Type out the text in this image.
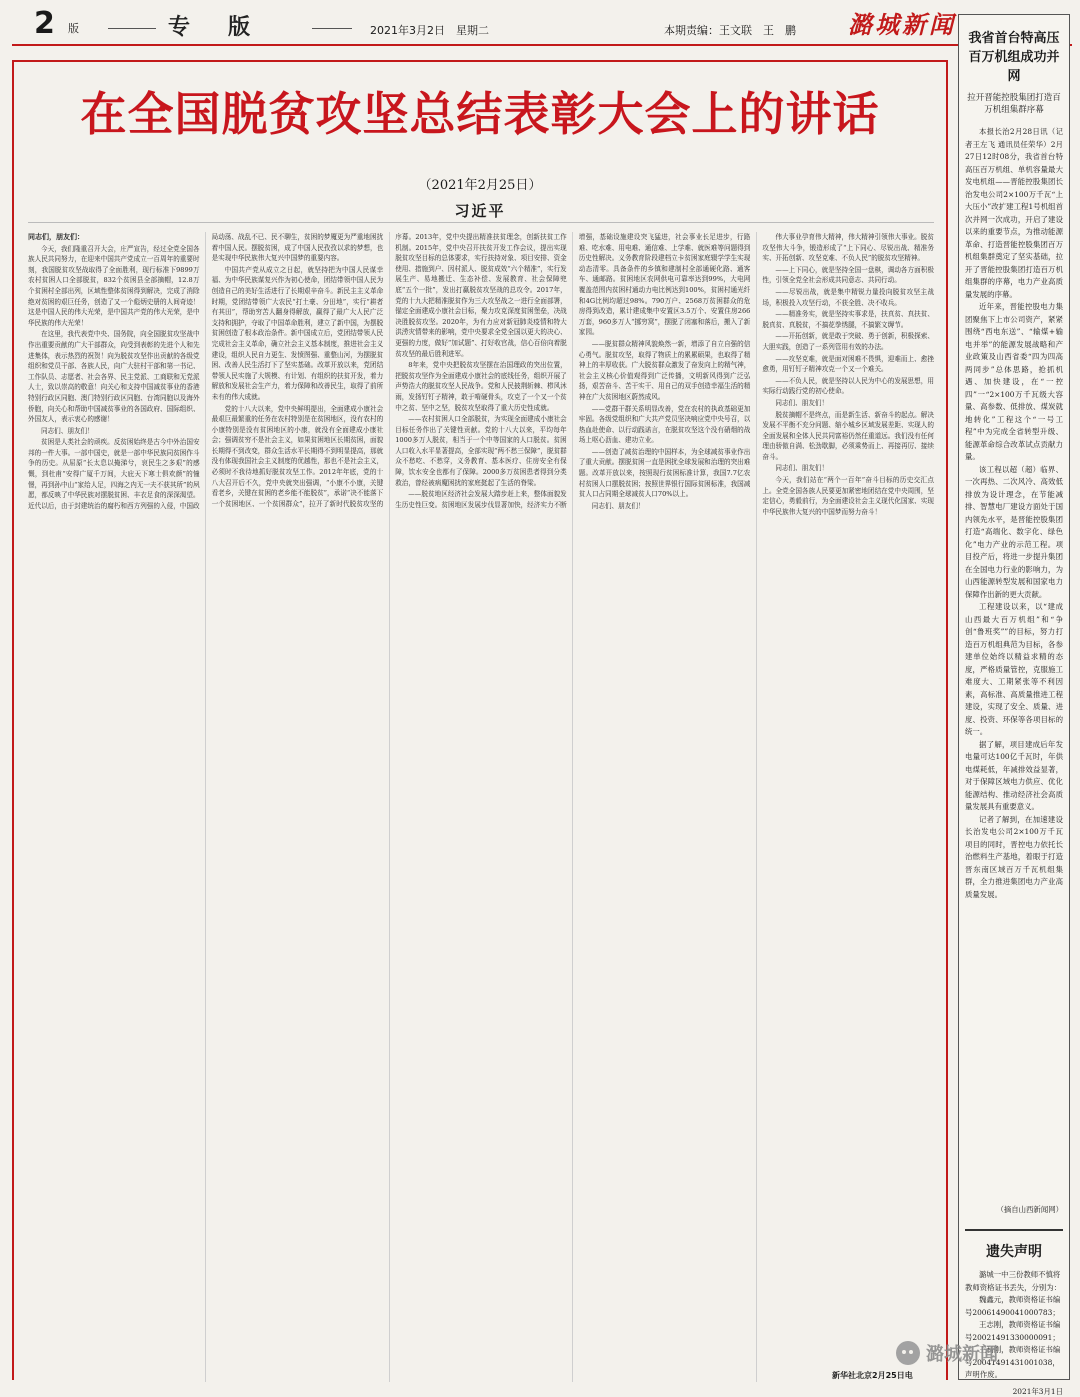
2 版	专版	2021年3月2日　星期二	本期责编：王文联　王　鹏 潞城新闻
在全国脱贫攻坚总结表彰大会上的讲话
（2021年2月25日）
习近平

同志们，朋友们：

今天，我们隆重召开大会，庄严宣告，经过全党全国各族人民共同努力，在迎来中国共产党成立一百周年的重要时刻，我国脱贫攻坚战取得了全面胜利，现行标准下9899万农村贫困人口全部脱贫，832个贫困县全部摘帽，12.8万个贫困村全部出列，区域性整体贫困得到解决，完成了消除绝对贫困的艰巨任务，创造了又一个彪炳史册的人间奇迹！这是中国人民的伟大光荣，是中国共产党的伟大光荣，是中华民族的伟大光荣！

在这里，我代表党中央、国务院，向全国脱贫攻坚战中作出重要贡献的广大干部群众，向受到表彰的先进个人和先进集体，表示热烈的祝贺！向为脱贫攻坚作出贡献的各级党组织和党员干部、各族人民，向广大驻村干部和第一书记、工作队员、志愿者、社会各界、民主党派、工商联和无党派人士，致以崇高的敬意！向关心和支持中国减贫事业的香港特别行政区同胞、澳门特别行政区同胞、台湾同胞以及海外侨胞，向关心和帮助中国减贫事业的各国政府、国际组织、外国友人，表示衷心的感谢！

同志们、朋友们！

贫困是人类社会的顽疾。反贫困始终是古今中外治国安邦的一件大事。一部中国史，就是一部中华民族同贫困作斗争的历史。从屈原“长太息以掩涕兮，哀民生之多艰”的感慨，到杜甫“安得广厦千万间，大庇天下寒士俱欢颜”的憧憬，再到孙中山“家给人足，四海之内无一夫不获其所”的夙愿，都反映了中华民族对摆脱贫困、丰衣足食的深深渴望。近代以后，由于封建统治的腐朽和西方列强的入侵，中国政局动荡、战乱不已、民不聊生，贫困的梦魇更为严重地困扰着中国人民。摆脱贫困，成了中国人民孜孜以求的梦想，也是实现中华民族伟大复兴中国梦的重要内容。

中国共产党从成立之日起，就坚持把为中国人民谋幸福、为中华民族谋复兴作为初心使命，团结带领中国人民为创造自己的美好生活进行了长期艰辛奋斗。新民主主义革命时期，党团结带领广大农民“打土豪、分田地”，实行“耕者有其田”，帮助穷苦人翻身得解放，赢得了最广大人民广泛支持和拥护，夺取了中国革命胜利，建立了新中国，为摆脱贫困创造了根本政治条件。新中国成立后，党团结带领人民完成社会主义革命，确立社会主义基本制度，推进社会主义建设，组织人民自力更生、发愤图强、重整山河，为摆脱贫困、改善人民生活打下了坚实基础。改革开放以来，党团结带领人民实施了大规模、有计划、有组织的扶贫开发，着力解放和发展社会生产力，着力保障和改善民生，取得了前所未有的伟大成就。

党的十八大以来，党中央鲜明提出，全面建成小康社会最艰巨最繁重的任务在农村特别是在贫困地区，没有农村的小康特别是没有贫困地区的小康，就没有全面建成小康社会；强调贫穷不是社会主义，如果贫困地区长期贫困，面貌长期得不到改变，群众生活水平长期得不到明显提高，那就没有体现我国社会主义制度的优越性，那也不是社会主义，必须时不我待地抓好脱贫攻坚工作。2012年年底，党的十八大召开后不久，党中央就突出强调，“小康不小康，关键看老乡，关键在贫困的老乡能不能脱贫”，承诺“决不能落下一个贫困地区、一个贫困群众”，拉开了新时代脱贫攻坚的序幕。2013年，党中央提出精准扶贫理念，创新扶贫工作机制。2015年，党中央召开扶贫开发工作会议，提出实现脱贫攻坚目标的总体要求，实行扶持对象、项目安排、资金使用、措施到户、因村派人、脱贫成效“六个精准”，实行发展生产、易地搬迁、生态补偿、发展教育、社会保障兜底“五个一批”，发出打赢脱贫攻坚战的总攻令。2017年，党的十九大把精准脱贫作为三大攻坚战之一进行全面部署，锚定全面建成小康社会目标，聚力攻克深度贫困堡垒，决战决胜脱贫攻坚。2020年，为有力应对新冠肺炎疫情和特大洪涝灾情带来的影响，党中央要求全党全国以更大的决心、更强的力度，做好“加试题”、打好收官战，信心百倍向着脱贫攻坚的最后胜利进军。

8年来，党中央把脱贫攻坚摆在治国理政的突出位置，把脱贫攻坚作为全面建成小康社会的底线任务，组织开展了声势浩大的脱贫攻坚人民战争。党和人民披荆斩棘、栉风沐雨，发扬钉钉子精神，敢于啃硬骨头，攻克了一个又一个贫中之贫、坚中之坚，脱贫攻坚取得了重大历史性成就。

——农村贫困人口全部脱贫，为实现全面建成小康社会目标任务作出了关键性贡献。党的十八大以来，平均每年1000多万人脱贫，相当于一个中等国家的人口脱贫。贫困人口收入水平显著提高，全部实现“两不愁三保障”，脱贫群众不愁吃、不愁穿，义务教育、基本医疗、住房安全有保障，饮水安全也都有了保障。2000多万贫困患者得到分类救治，曾经被病魔困扰的家庭挺起了生活的脊梁。

——脱贫地区经济社会发展大踏步赶上来，整体面貌发生历史性巨变。贫困地区发展步伐显著加快，经济实力不断增强，基础设施建设突飞猛进，社会事业长足进步，行路难、吃水难、用电难、通信难、上学难、就医难等问题得到历史性解决。义务教育阶段建档立卡贫困家庭辍学学生实现动态清零。具备条件的乡镇和建制村全部通硬化路、通客车、通邮路。贫困地区农网供电可靠率达到99%，大电网覆盖范围内贫困村通动力电比例达到100%，贫困村通光纤和4G比例均超过98%。790万户、2568万贫困群众的危房得到改造，累计建成集中安置区3.5万个、安置住房266万套，960多万人“挪穷窝”，摆脱了闭塞和落后，搬入了新家园。

——脱贫群众精神风貌焕然一新，增添了自立自强的信心勇气。脱贫攻坚，取得了物质上的累累硕果，也取得了精神上的丰厚收获。广大脱贫群众激发了奋发向上的精气神，社会主义核心价值观得到广泛传播，文明新风得到广泛弘扬，艰苦奋斗、苦干实干、用自己的双手创造幸福生活的精神在广大贫困地区蔚然成风。

——党群干群关系明显改善，党在农村的执政基础更加牢固。各级党组织和广大共产党员坚决响应党中央号召，以热血赴使命、以行动践诺言，在脱贫攻坚这个没有硝烟的战场上呕心沥血、建功立业。

——创造了减贫治理的中国样本，为全球减贫事业作出了重大贡献。摆脱贫困一直是困扰全球发展和治理的突出难题。改革开放以来，按照现行贫困标准计算，我国7.7亿农村贫困人口摆脱贫困；按照世界银行国际贫困标准，我国减贫人口占同期全球减贫人口70%以上。

同志们、朋友们！

伟大事业孕育伟大精神，伟大精神引领伟大事业。脱贫攻坚伟大斗争，锻造形成了“上下同心、尽锐出战、精准务实、开拓创新、攻坚克难、不负人民”的脱贫攻坚精神。

——上下同心，就是坚持全国一盘棋，调动各方面积极性，引领全党全社会形成共同意志、共同行动。

——尽锐出战，就是集中精锐力量投向脱贫攻坚主战场，积极投入攻坚行动，不获全胜、决不收兵。

——精准务实，就是坚持实事求是，扶真贫、真扶贫、脱真贫、真脱贫，不搞花拳绣腿，不搞繁文缛节。

——开拓创新，就是敢于突破、勇于创新，积极探索、大胆实践，创造了一系列管用有效的办法。

——攻坚克难，就是面对困难不畏惧，迎难而上、愈挫愈勇，用钉钉子精神攻克一个又一个难关。

——不负人民，就是坚持以人民为中心的发展思想，用实际行动践行党的初心使命。

同志们、朋友们！

脱贫摘帽不是终点，而是新生活、新奋斗的起点。解决发展不平衡不充分问题、缩小城乡区域发展差距、实现人的全面发展和全体人民共同富裕仍然任重道远。我们没有任何理由骄傲自满、松劲歇脚，必须乘势而上、再接再厉、接续奋斗。

同志们、朋友们！

今天，我们站在“两个一百年”奋斗目标的历史交汇点上。全党全国各族人民要更加紧密地团结在党中央周围，坚定信心，勇毅前行，为全面建设社会主义现代化国家、实现中华民族伟大复兴的中国梦而努力奋斗！

新华社北京2月25日电
我省首台特高压百万机组成功并网
拉开晋能控股集团打造百万机组集群序幕

本报长治2月28日讯（记者王左飞 通讯员任荣华）2月27日12时08分，我省首台特高压百万机组、单机容量最大发电机组——晋能控股集团长治发电公司2×100万千瓦“上大压小”改扩建工程1号机组首次并网一次成功，开启了建设以来的重要节点，为推动能源革命、打造晋能控股集团百万机组集群奠定了坚实基础，拉开了晋能控股集团打造百万机组集群的序幕，电力产业高质量发展的序幕。

近年来，晋能控股电力集团聚焦下上市公司资产，紧紧围绕“西电东送”、“输煤+输电并举”的能源发展战略和产业政策及山西省委“四为四高两同步”总体思路，抢抓机遇、加快建设，在“一控四”一“2×100万千瓦级大容量、高参数、低排放、煤炭就地转化”工程这个“一号工程”中为完成全省转型升级、能源革命综合改革试点贡献力量。

该工程以超（超）临界、一次再热、二次风冷、高效低排放为设计理念，在节能减排、智慧电厂建设方面处于国内领先水平，是晋能控股集团打造“高端化、数字化、绿色化”电力产业的示范工程。项目投产后，将进一步提升集团在全国电力行业的影响力，为山西能源转型发展和国家电力保障作出新的更大贡献。

工程建设以来，以“建成山西最大百万机组”和“争创“鲁班奖””的目标，努力打造百万机组典范为目标，各参建单位始终以精益求精的态度，严格质量管控，克服施工难度大、工期紧张等不利因素，高标准、高质量推进工程建设，实现了安全、质量、进度、投资、环保等各项目标的统一。

据了解，项目建成后年发电量可达100亿千瓦时，年供电煤耗低，年减排效益显著，对于保障区域电力供应、优化能源结构、推动经济社会高质量发展具有重要意义。

记者了解到，在加速建设长治发电公司2×100万千瓦项目的同时，晋控电力依托长治燃料生产基地，着眼于打造晋东南区域百万千瓦机组集群，全力推进集团电力产业高质量发展。

（摘自山西新闻网）
遗失声明

潞城一中三份教师不慎将教师资格证书丢失，分别为：

魏鑫元，教师资格证书编号20061490041000783；

王志刚，教师资格证书编号20021491330000091；

王利刚，教师资格证书编号20041491431001038，声明作废。

2021年3月1日
潞城新闻
